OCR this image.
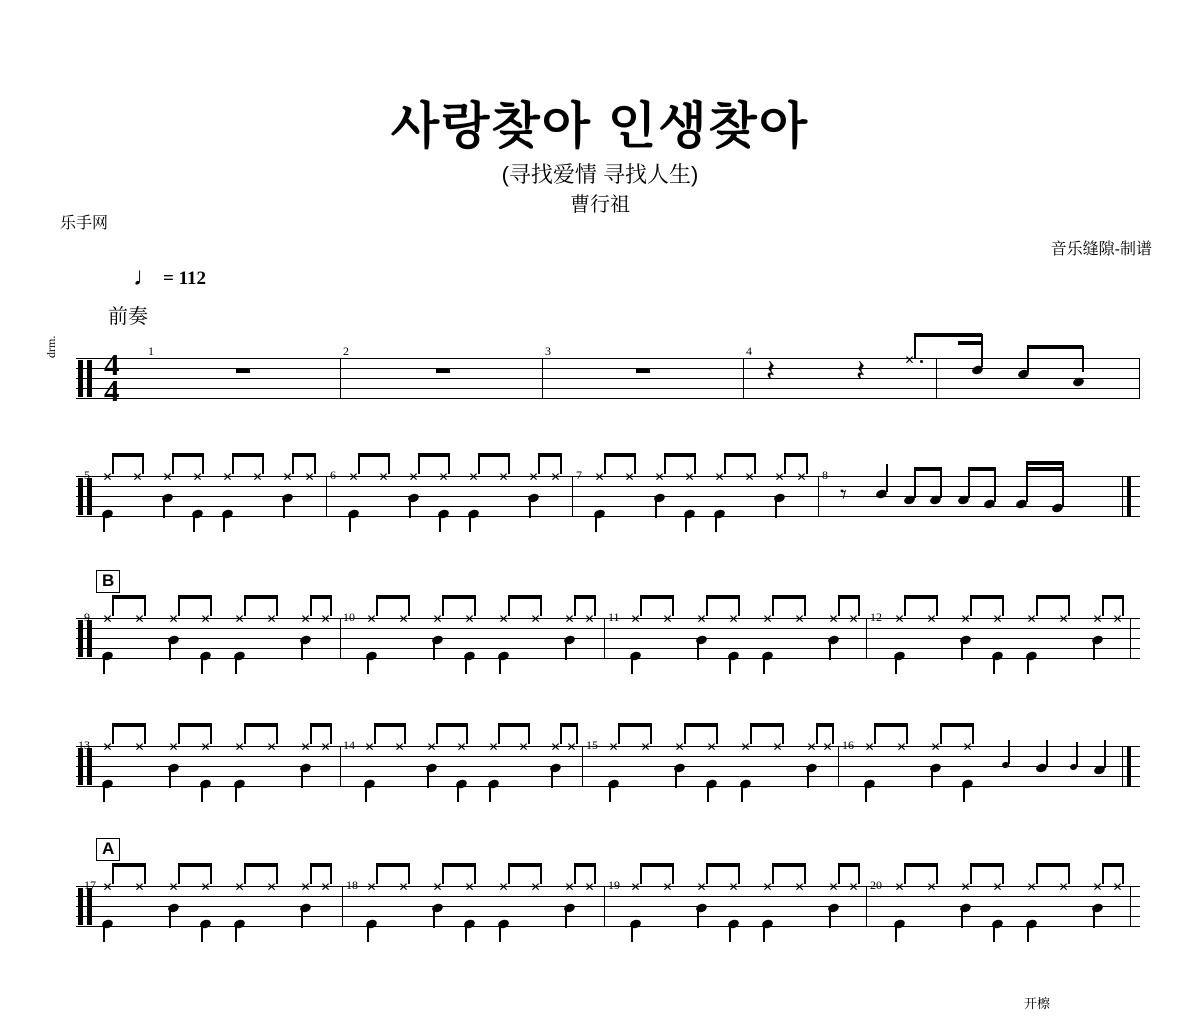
사랑찾아 인생찾아
(寻找爱情 寻找人生)
曹行祖
乐手网
音乐缝隙-制谱
♩ = 112
前奏
drm.
4
4
1	2	3	4
𝄽	𝄽
✕
5	6	7	8
✕
✕
✕
✕
✕
✕
✕
✕
✕
✕
✕
✕
✕
✕
✕
✕
✕
✕
✕
✕
✕
✕
✕
✕
𝄾
B
9	10	11	12
✕
✕
✕
✕
✕
✕
✕
✕
✕
✕
✕
✕
✕
✕
✕
✕
✕
✕
✕
✕
✕
✕
✕
✕
✕
✕
✕
✕
✕
✕
✕
✕
13	14	15	16
✕
✕
✕
✕
✕
✕
✕
✕
✕
✕
✕
✕
✕
✕
✕
✕
✕
✕
✕
✕
✕
✕
✕
✕
✕
✕
✕
✕
A
17	18	19	20
✕
✕
✕
✕
✕
✕
✕
✕
✕
✕
✕
✕
✕
✕
✕
✕
✕
✕
✕
✕
✕
✕
✕
✕
✕
✕
✕
✕
✕
✕
✕
✕
开檫
